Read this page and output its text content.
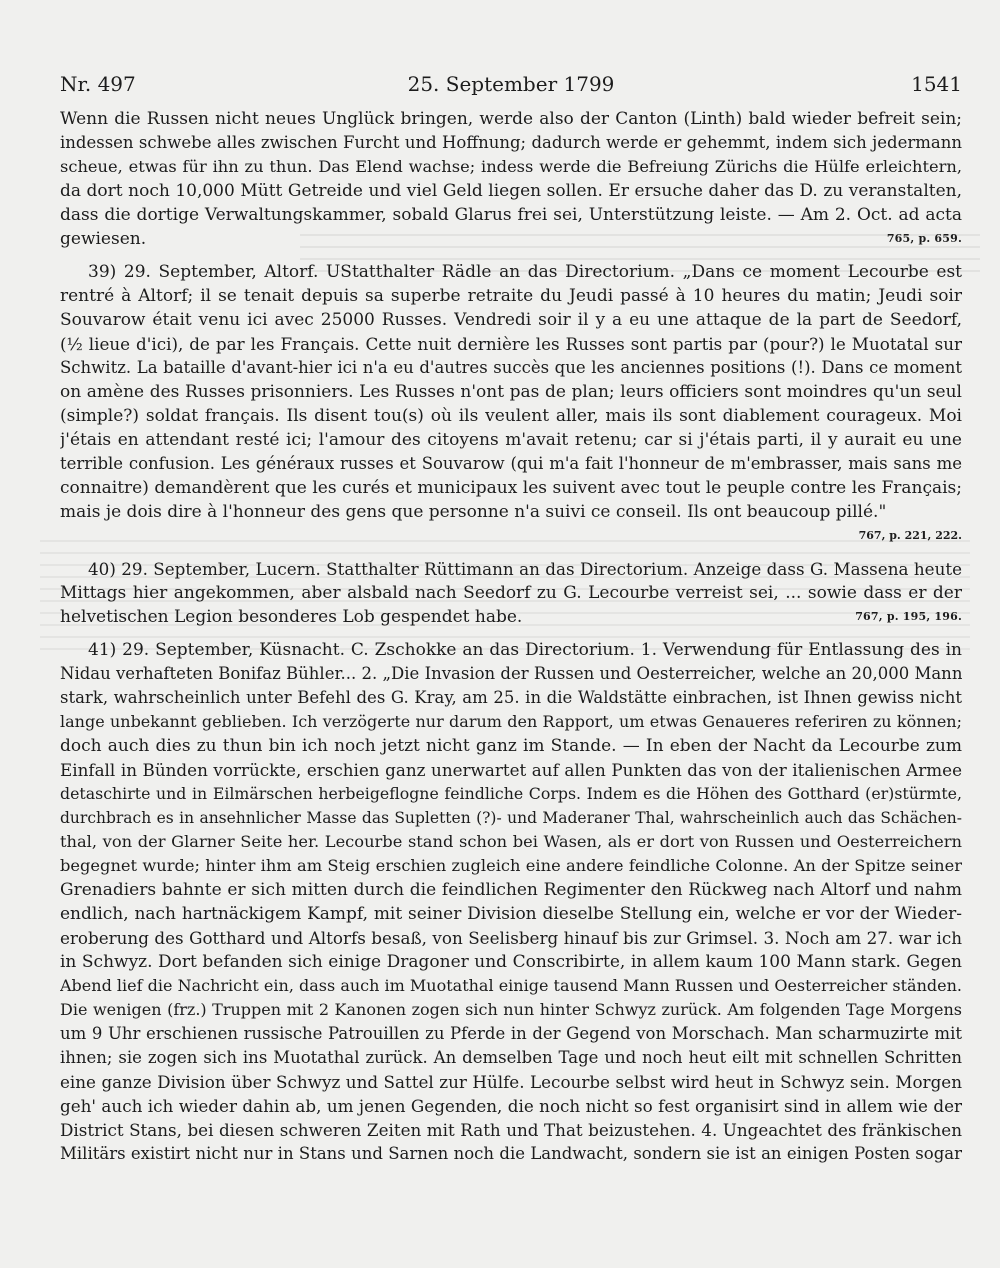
Nr. 497	25. September 1799	1541
Wenn die Russen nicht neues Unglück bringen, werde also der Canton (Linth) bald wieder befreit sein;
indessen schwebe alles zwischen Furcht und Hoffnung; dadurch werde er gehemmt, indem sich jedermann
scheue, etwas für ihn zu thun. Das Elend wachse; indess werde die Befreiung Zürichs die Hülfe erleichtern,
da dort noch 10,000 Mütt Getreide und viel Geld liegen sollen. Er ersuche daher das D. zu veranstalten,
dass die dortige Verwaltungskammer, sobald Glarus frei sei, Unterstützung leiste. — Am 2. Oct. ad acta
gewiesen.	765, p. 659.
39) 29. September, Altorf. UStatthalter Rädle an das Directorium. „Dans ce moment Lecourbe est
rentré à Altorf; il se tenait depuis sa superbe retraite du Jeudi passé à 10 heures du matin; Jeudi soir
Souvarow était venu ici avec 25000 Russes. Vendredi soir il y a eu une attaque de la part de Seedorf,
(½ lieue d'ici), de par les Français. Cette nuit dernière les Russes sont partis par (pour?) le Muotatal sur
Schwitz. La bataille d'avant-hier ici n'a eu d'autres succès que les anciennes positions (!). Dans ce moment
on amène des Russes prisonniers. Les Russes n'ont pas de plan; leurs officiers sont moindres qu'un seul
(simple?) soldat français. Ils disent tou(s) où ils veulent aller, mais ils sont diablement courageux. Moi
j'étais en attendant resté ici; l'amour des citoyens m'avait retenu; car si j'étais parti, il y aurait eu une
terrible confusion. Les généraux russes et Souvarow (qui m'a fait l'honneur de m'embrasser, mais sans me
connaitre) demandèrent que les curés et municipaux les suivent avec tout le peuple contre les Français;
mais je dois dire à l'honneur des gens que personne n'a suivi ce conseil. Ils ont beaucoup pillé."
767, p. 221, 222.
40) 29. September, Lucern. Statthalter Rüttimann an das Directorium. Anzeige dass G. Massena heute
Mittags hier angekommen, aber alsbald nach Seedorf zu G. Lecourbe verreist sei, ... sowie dass er der
helvetischen Legion besonderes Lob gespendet habe.	767, p. 195, 196.
41) 29. September, Küsnacht. C. Zschokke an das Directorium. 1. Verwendung für Entlassung des in
Nidau verhafteten Bonifaz Bühler... 2. „Die Invasion der Russen und Oesterreicher, welche an 20,000 Mann
stark, wahrscheinlich unter Befehl des G. Kray, am 25. in die Waldstätte einbrachen, ist Ihnen gewiss nicht
lange unbekannt geblieben. Ich verzögerte nur darum den Rapport, um etwas Genaueres referiren zu können;
doch auch dies zu thun bin ich noch jetzt nicht ganz im Stande. — In eben der Nacht da Lecourbe zum
Einfall in Bünden vorrückte, erschien ganz unerwartet auf allen Punkten das von der italienischen Armee
detaschirte und in Eilmärschen herbeigeflogne feindliche Corps. Indem es die Höhen des Gotthard (er)stürmte,
durchbrach es in ansehnlicher Masse das Supletten (?)- und Maderaner Thal, wahrscheinlich auch das Schächen-
thal, von der Glarner Seite her. Lecourbe stand schon bei Wasen, als er dort von Russen und Oesterreichern
begegnet wurde; hinter ihm am Steig erschien zugleich eine andere feindliche Colonne. An der Spitze seiner
Grenadiers bahnte er sich mitten durch die feindlichen Regimenter den Rückweg nach Altorf und nahm
endlich, nach hartnäckigem Kampf, mit seiner Division dieselbe Stellung ein, welche er vor der Wieder-
eroberung des Gotthard und Altorfs besaß, von Seelisberg hinauf bis zur Grimsel. 3. Noch am 27. war ich
in Schwyz. Dort befanden sich einige Dragoner und Conscribirte, in allem kaum 100 Mann stark. Gegen
Abend lief die Nachricht ein, dass auch im Muotathal einige tausend Mann Russen und Oesterreicher ständen.
Die wenigen (frz.) Truppen mit 2 Kanonen zogen sich nun hinter Schwyz zurück. Am folgenden Tage Morgens
um 9 Uhr erschienen russische Patrouillen zu Pferde in der Gegend von Morschach. Man scharmuzirte mit
ihnen; sie zogen sich ins Muotathal zurück. An demselben Tage und noch heut eilt mit schnellen Schritten
eine ganze Division über Schwyz und Sattel zur Hülfe. Lecourbe selbst wird heut in Schwyz sein. Morgen
geh' auch ich wieder dahin ab, um jenen Gegenden, die noch nicht so fest organisirt sind in allem wie der
District Stans, bei diesen schweren Zeiten mit Rath und That beizustehen. 4. Ungeachtet des fränkischen
Militärs existirt nicht nur in Stans und Sarnen noch die Landwacht, sondern sie ist an einigen Posten sogar
